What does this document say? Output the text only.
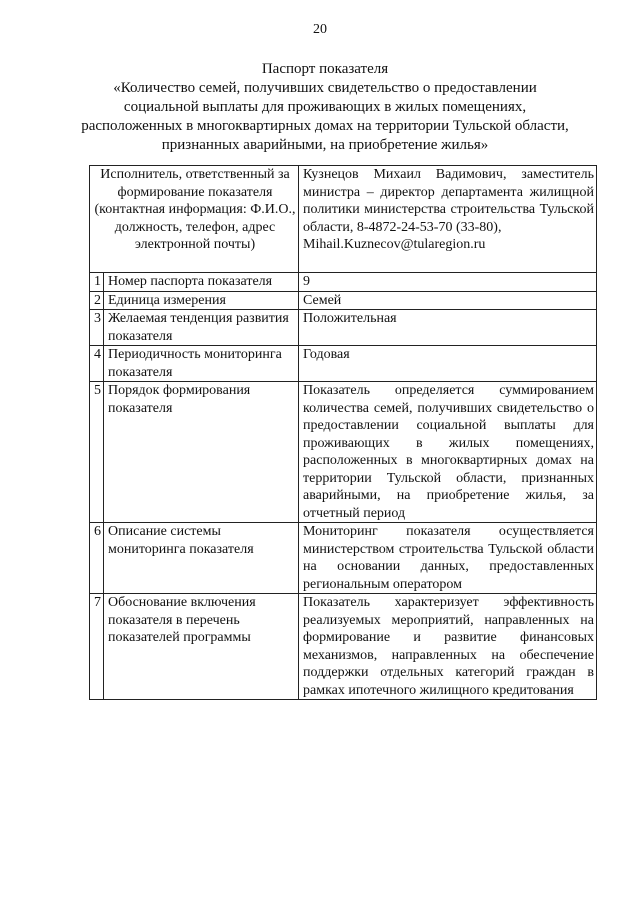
20
Паспорт показателя
«Количество семей, получивших свидетельство о предоставлении
социальной выплаты для проживающих в жилых помещениях,
расположенных в многоквартирных домах на территории Тульской области,
признанных аварийными, на приобретение жилья»
Исполнитель, ответственный за формирование показателя (контактная информация: Ф.И.О., должность, телефон, адрес электронной почты)		Кузнецов Михаил Вадимович, заместитель министра – директор департамента жилищной политики министерства строительства Тульской области, 8-4872-24-53-70 (33-80),
Mihail.Kuznecov@tularegion.ru
1	Номер паспорта показателя	9
2	Единица измерения	Семей
3	Желаемая тенденция развития показателя	Положительная
4	Периодичность мониторинга показателя	Годовая
5	Порядок формирования показателя	Показатель определяется суммированием количества семей, получивших свидетельство о предоставлении социальной выплаты для проживающих в жилых помещениях, расположенных в многоквартирных домах на территории Тульской области, признанных аварийными, на приобретение жилья, за отчетный период
6	Описание системы мониторинга показателя	Мониторинг показателя осуществляется министерством строительства Тульской области на основании данных, предоставленных региональным оператором
7	Обоснование включения показателя в перечень показателей программы	Показатель характеризует эффективность реализуемых мероприятий, направленных на формирование и развитие финансовых механизмов, направленных на обеспечение поддержки отдельных категорий граждан в рамках ипотечного жилищного кредитования
